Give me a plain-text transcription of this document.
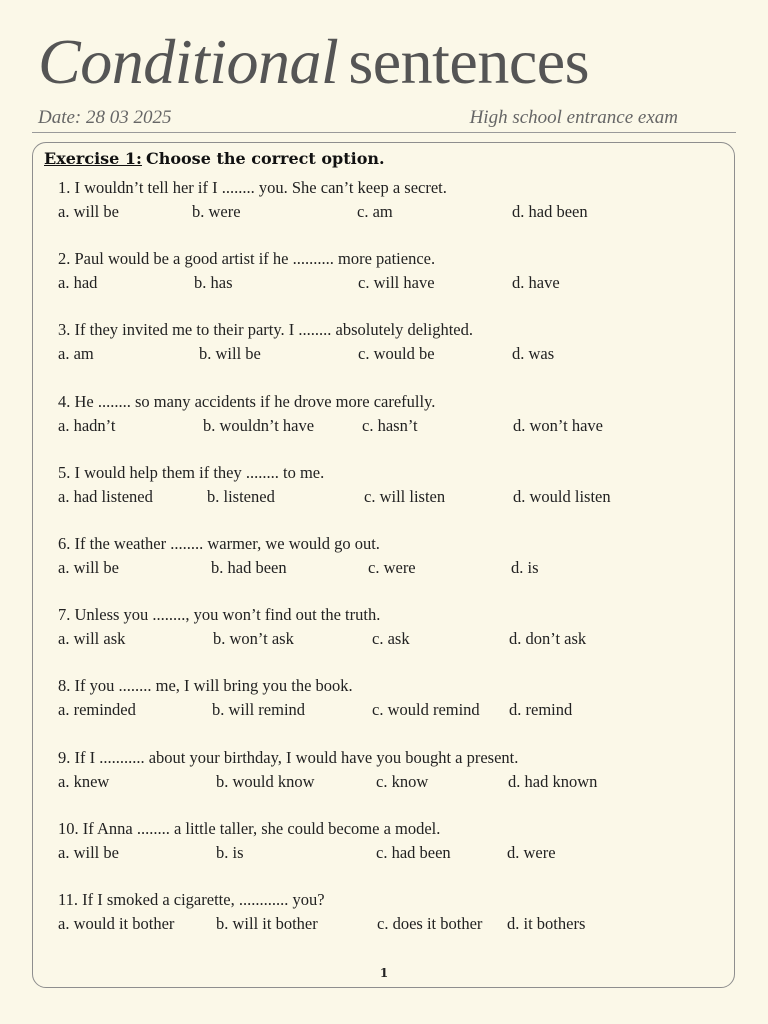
Conditional sentences
Date: 28 03 2025	High school entrance exam
Exercise 1: Choose the correct option.
1. I wouldn’t tell her if I ........ you. She can’t keep a secret.
a. will be	b. were	c. am	d. had been
2. Paul would be a good artist if he .......... more patience.
a. had	b. has	c. will have	d. have
3. If they invited me to their party. I ........ absolutely delighted.
a. am	b. will be	c. would be	d. was
4. He ........ so many accidents if he drove more carefully.
a. hadn’t	b. wouldn’t have	c. hasn’t	d. won’t have
5. I would help them if they ........ to me.
a. had listened	b. listened	c. will listen	d. would listen
6. If the weather ........ warmer, we would go out.
a. will be	b. had been	c. were	d. is
7. Unless you ........, you won’t find out the truth.
a. will ask	b. won’t ask	c. ask	d. don’t ask
8. If you ........ me, I will bring you the book.
a. reminded	b. will remind	c. would remind d. remind
9. If I ........... about your birthday, I would have you bought a present.
a. knew	b. would know	c. know	d. had known
10. If Anna ........ a little taller, she could become a model.
a. will be	b. is	c. had been	d. were
11. If I smoked a cigarette, ............ you?
a. would it bother	b. will it bother	c. does it bother d. it bothers
1
